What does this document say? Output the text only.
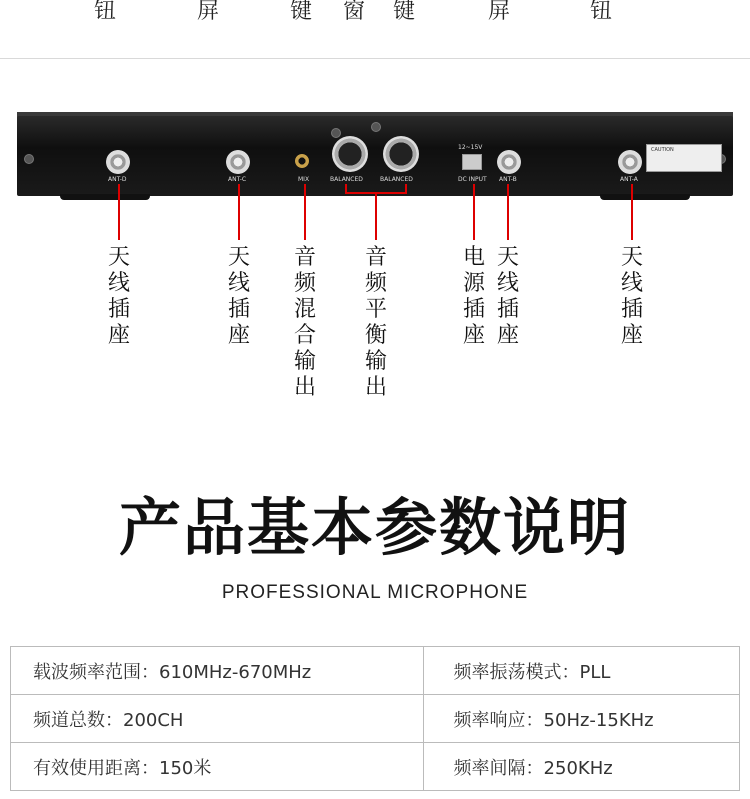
钮	屏	键 窗 键	屏	钮
ANT-D	ANT-C	MIX	BALANCED	BALANCED
12~15V
DC INPUT ANT-B	ANT-A
CAUTION
天线插座
天线插座
音频混合输出
音频平衡输出
电源插座
天线插座
天线插座
产品基本参数说明
PROFESSIONAL MICROPHONE
载波频率范围：610MHz-670MHz	频率振荡模式：PLL
频道总数：200CH	频率响应：50Hz-15KHz
有效使用距离：150米	频率间隔：250KHz
